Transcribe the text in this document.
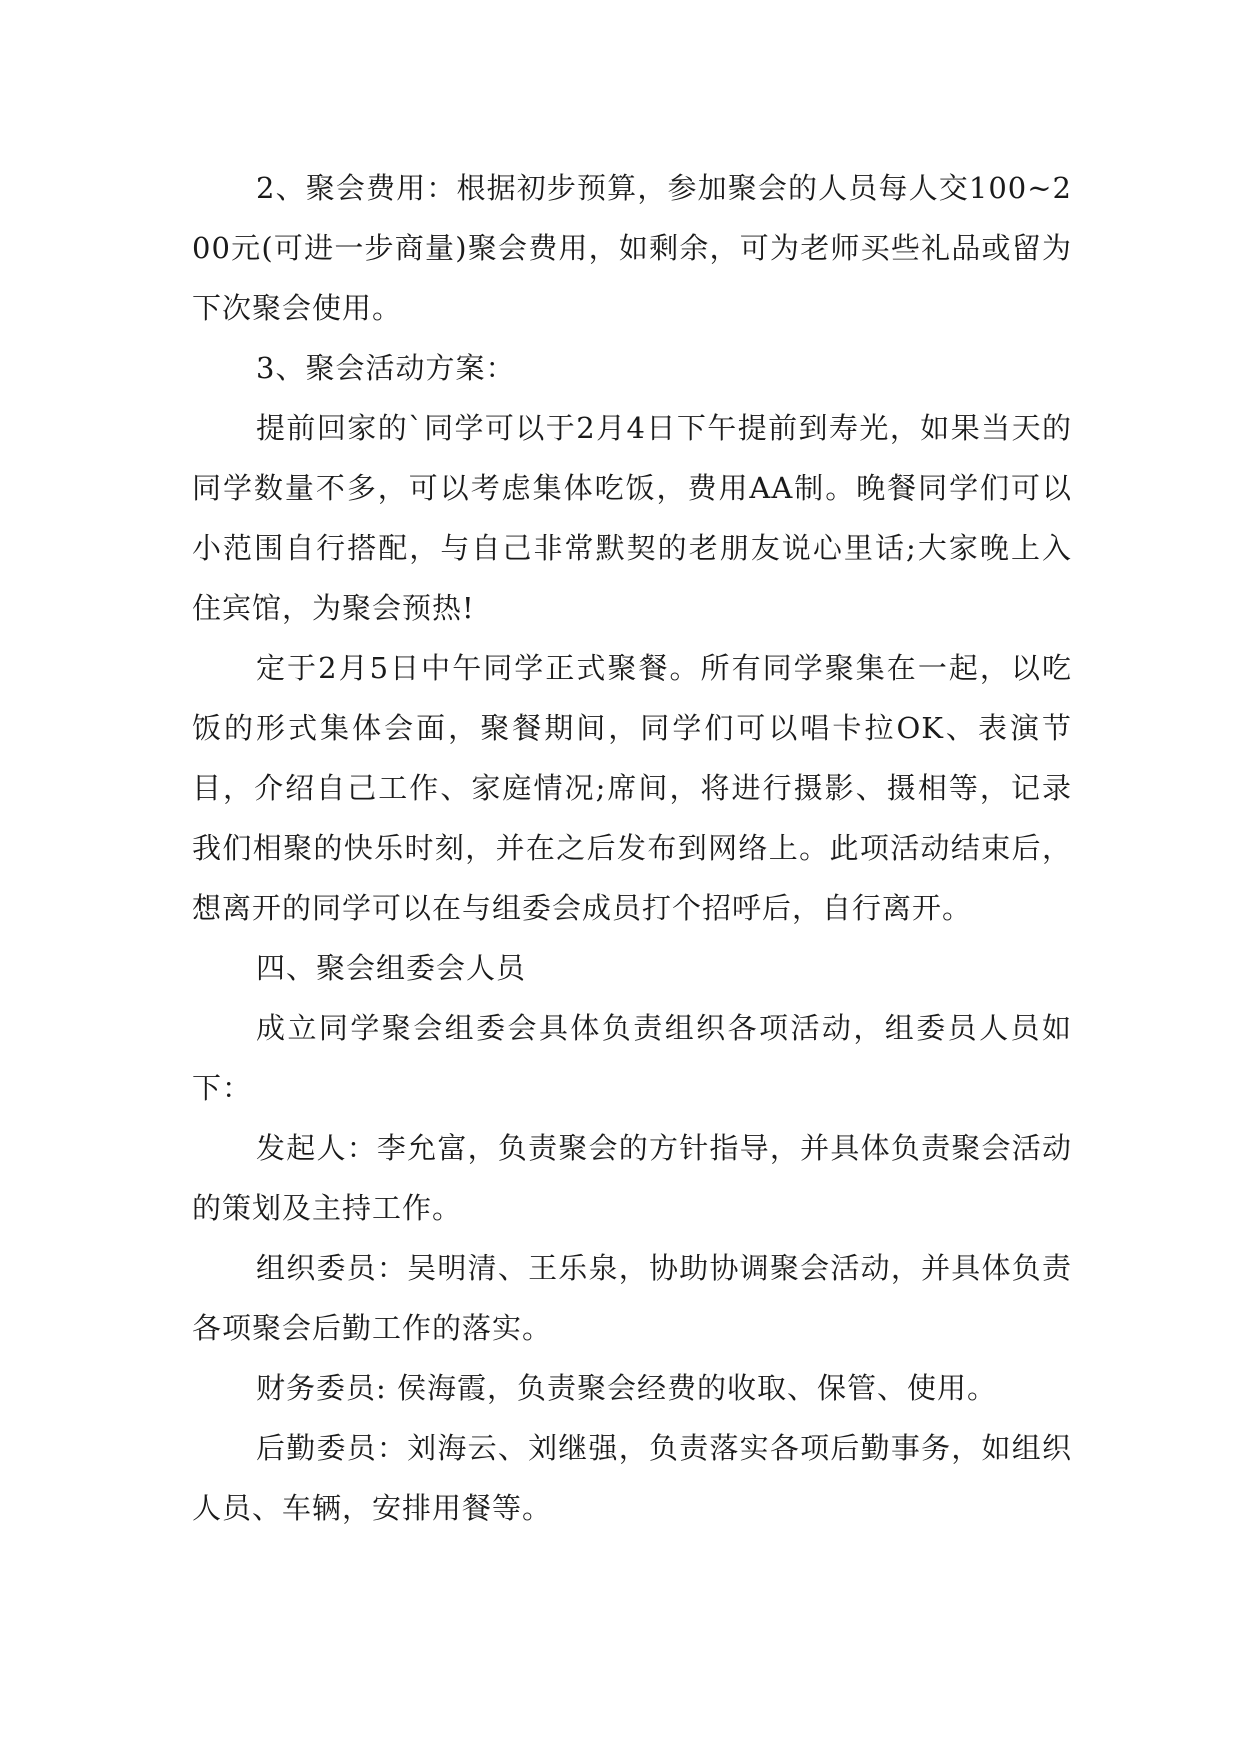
2、聚会费用：根据初步预算，参加聚会的人员每人交100~200元(可进一步商量)聚会费用，如剩余，可为老师买些礼品或留为下次聚会使用。

3、聚会活动方案：

提前回家的`同学可以于2月4日下午提前到寿光，如果当天的同学数量不多，可以考虑集体吃饭，费用AA制。晚餐同学们可以小范围自行搭配，与自己非常默契的老朋友说心里话;大家晚上入住宾馆，为聚会预热!

定于2月5日中午同学正式聚餐。所有同学聚集在一起，以吃饭的形式集体会面，聚餐期间，同学们可以唱卡拉OK、表演节目，介绍自己工作、家庭情况;席间，将进行摄影、摄相等，记录我们相聚的快乐时刻，并在之后发布到网络上。此项活动结束后，想离开的同学可以在与组委会成员打个招呼后，自行离开。

四、聚会组委会人员

成立同学聚会组委会具体负责组织各项活动，组委员人员如下：

发起人：李允富，负责聚会的方针指导，并具体负责聚会活动的策划及主持工作。

组织委员：吴明清、王乐泉，协助协调聚会活动，并具体负责各项聚会后勤工作的落实。

财务委员: 侯海霞，负责聚会经费的收取、保管、使用。

后勤委员：刘海云、刘继强，负责落实各项后勤事务，如组织人员、车辆，安排用餐等。
